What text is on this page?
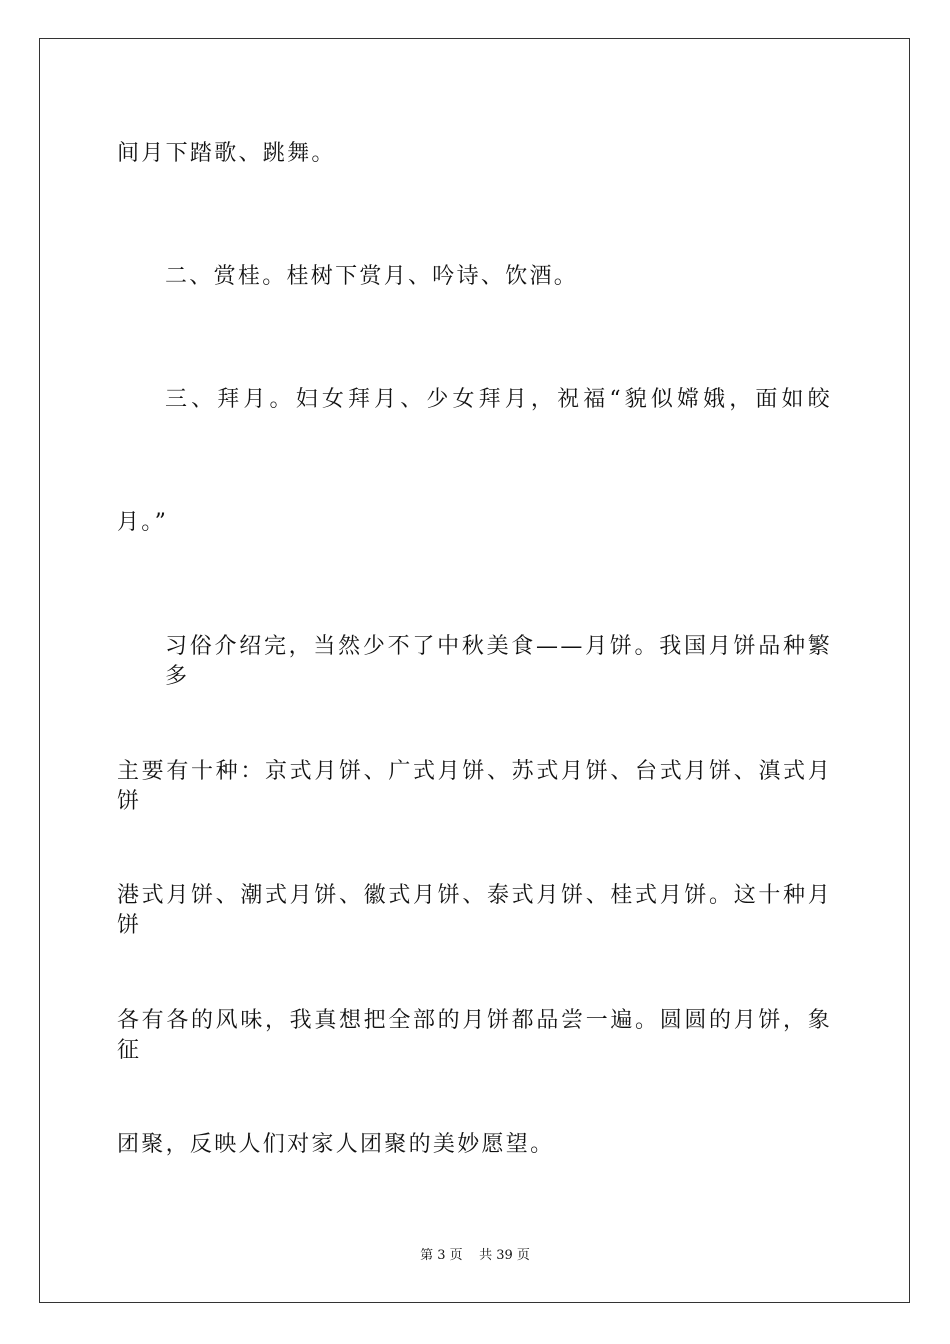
间月下踏歌、跳舞。
二、赏桂。桂树下赏月、吟诗、饮酒。
三、拜月。妇女拜月、少女拜月，祝福“貌似嫦娥，面如皎
月。”
习俗介绍完，当然少不了中秋美食——月饼。我国月饼品种繁多
主要有十种：京式月饼、广式月饼、苏式月饼、台式月饼、滇式月饼
港式月饼、潮式月饼、徽式月饼、泰式月饼、桂式月饼。这十种月饼
各有各的风味，我真想把全部的月饼都品尝一遍。圆圆的月饼，象征
团聚，反映人们对家人团聚的美妙愿望。
第 3 页    共 39 页
